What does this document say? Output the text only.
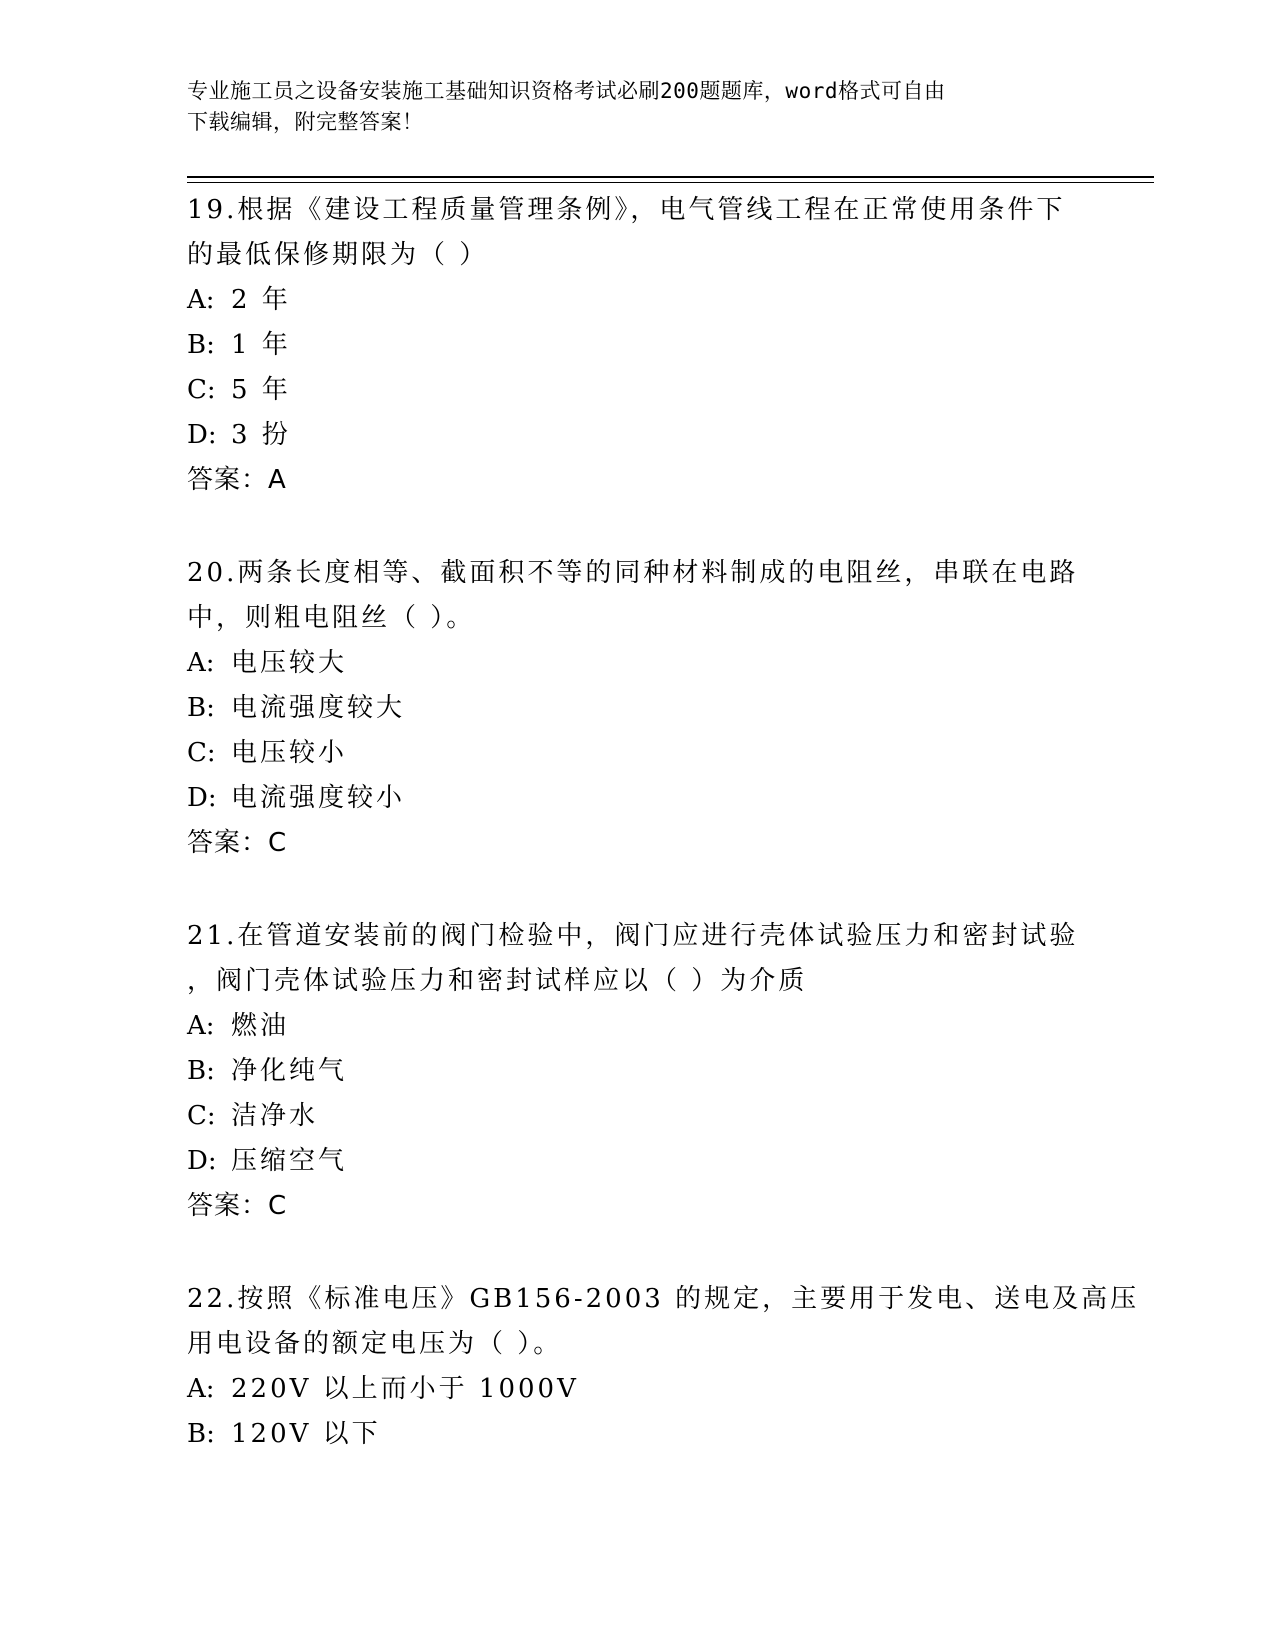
专业施工员之设备安装施工基础知识资格考试必刷200题题库，word格式可自由
下载编辑，附完整答案！
19.根据《建设工程质量管理条例》，电气管线工程在正常使用条件下
的最低保修期限为（ ）
A: 2 年
B: 1 年
C: 5 年
D: 3 扮
答案：A
20.两条长度相等、截面积不等的同种材料制成的电阻丝，串联在电路
中，则粗电阻丝（ ）。
A: 电压较大
B: 电流强度较大
C: 电压较小
D: 电流强度较小
答案：C
21.在管道安装前的阀门检验中，阀门应进行壳体试验压力和密封试验
，阀门壳体试验压力和密封试样应以（ ）为介质
A: 燃油
B: 净化纯气
C: 洁净水
D: 压缩空气
答案：C
22.按照《标准电压》GB156-2003 的规定，主要用于发电、送电及高压
用电设备的额定电压为（ ）。
A: 220V 以上而小于 1000V
B: 120V 以下
